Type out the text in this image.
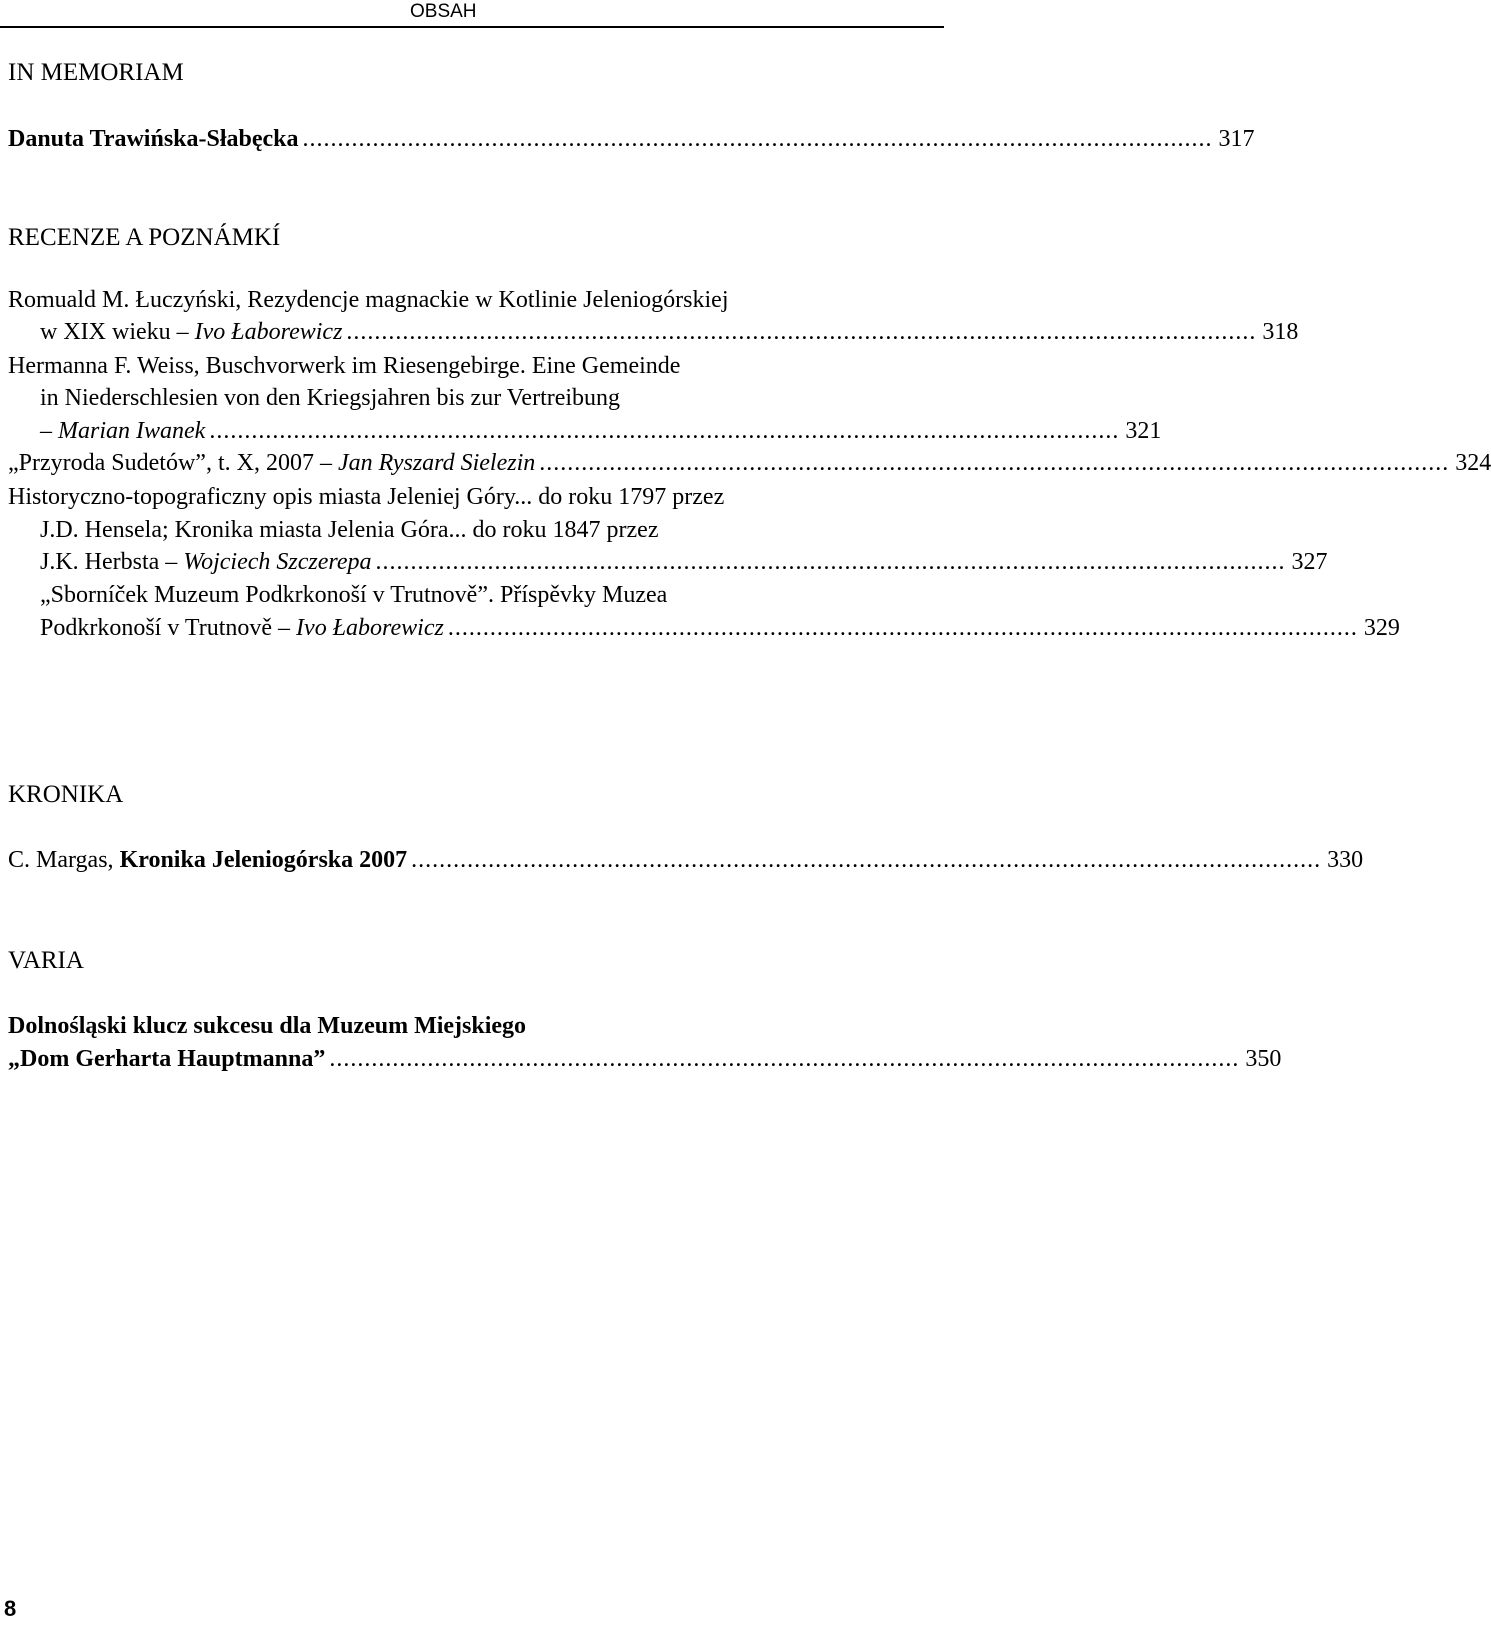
OBSAH
IN MEMORIAM
Danuta Trawińska-Słabęcka .................................................................................................................................. 317
RECENZE A POZNÁMKÍ
Romuald M. Łuczyński, Rezydencje magnackie w Kotlinie Jeleniogórskiej
w XIX wieku – Ivo Łaborewicz .................................................................................................................................. 318
Hermanna F. Weiss, Buschvorwerk im Riesengebirge. Eine Gemeinde
in Niederschlesien von den Kriegsjahren bis zur Vertreibung
– Marian Iwanek .................................................................................................................................. 321
„Przyroda Sudetów”, t. X, 2007 – Jan Ryszard Sielezin .................................................................................................................................. 324
Historyczno-topograficzny opis miasta Jeleniej Góry... do roku 1797 przez
J.D. Hensela; Kronika miasta Jelenia Góra... do roku 1847 przez
J.K. Herbsta – Wojciech Szczerepa .................................................................................................................................. 327
„Sborníček Muzeum Podkrkonoší v Trutnově”. Příspěvky Muzea
Podkrkonoší v Trutnově – Ivo Łaborewicz .................................................................................................................................. 329
KRONIKA
C. Margas, Kronika Jeleniogórska 2007 .................................................................................................................................. 330
VARIA
Dolnośląski klucz sukcesu dla Muzeum Miejskiego
„Dom Gerharta Hauptmanna” .................................................................................................................................. 350
8
